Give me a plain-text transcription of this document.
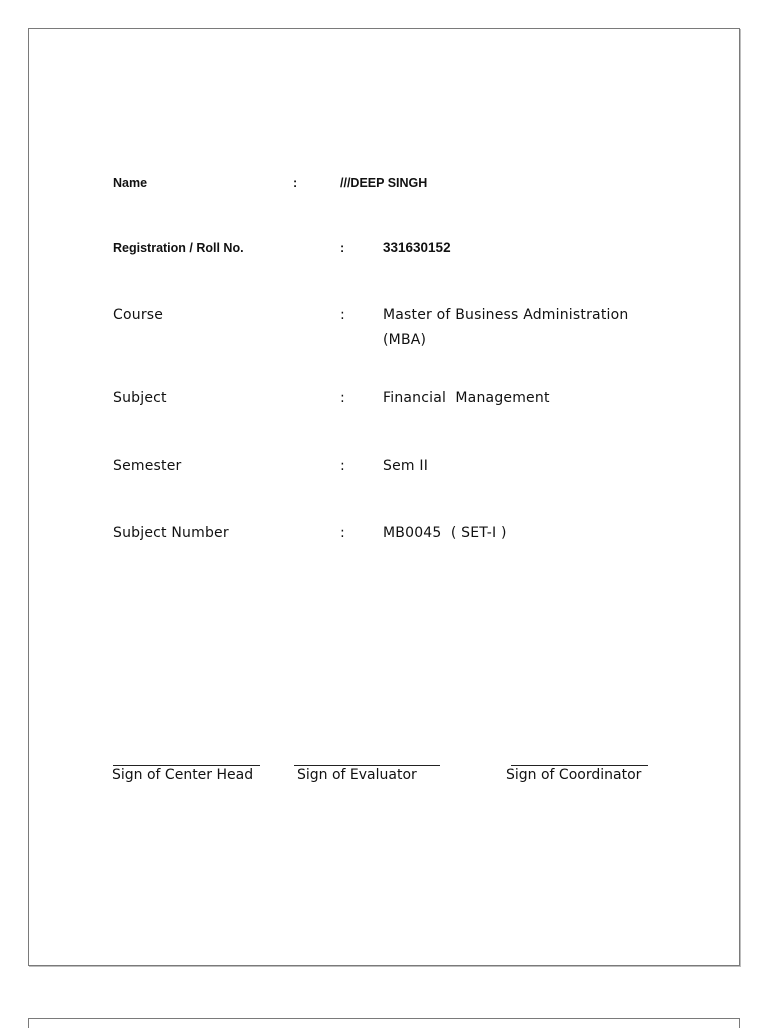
Name	:	///DEEP SINGH
Registration / Roll No.	:	331630152
Course	:	Master of Business Administration (MBA)
Subject	:	Financial  Management
Semester	:	Sem II
Subject Number	:	MB0045  ( SET-I )
Sign of Center Head	Sign of Evaluator	Sign of Coordinator
